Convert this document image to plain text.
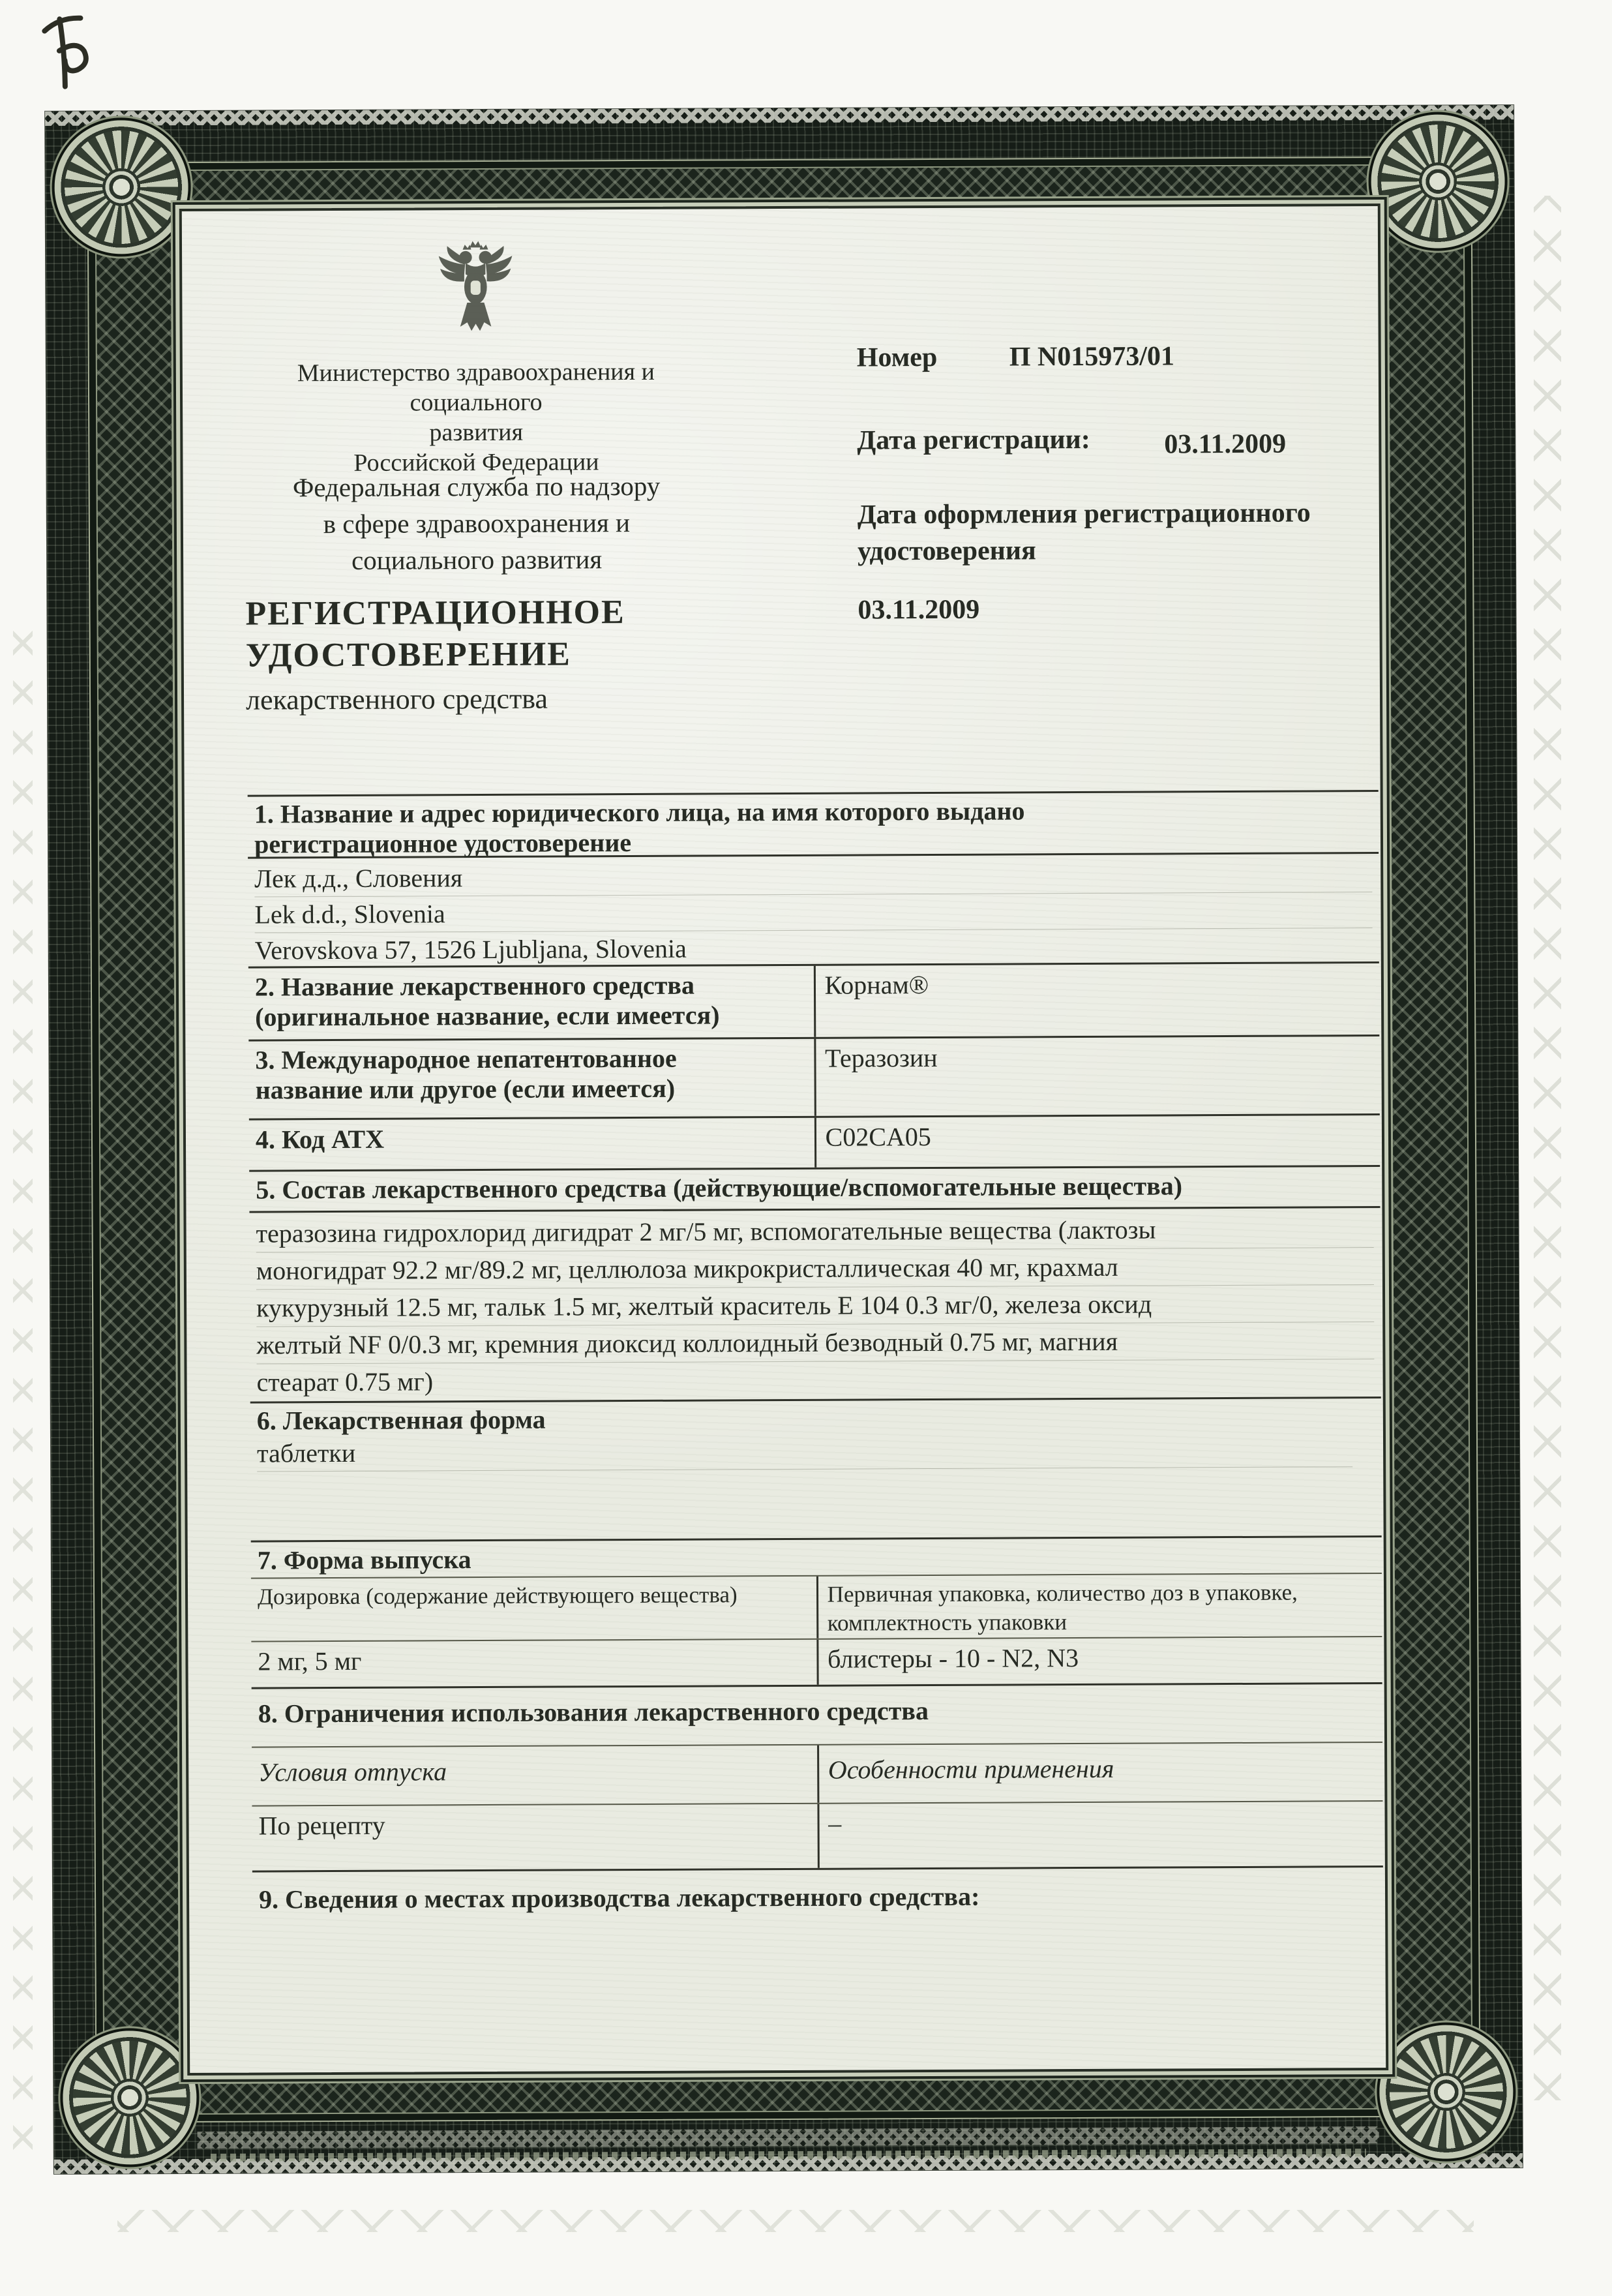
Министерство здравоохранения и социального
развития
Российской Федерации
Федеральная служба по надзору
в сфере здравоохранения и
социального развития
РЕГИСТРАЦИОННОЕ
УДОСТОВЕРЕНИЕ
лекарственного средства
Номер	П N015973/01
Дата регистрации:	03.11.2009
Дата оформления регистрационного
удостоверения
03.11.2009
1. Название и адрес юридического лица, на имя которого выдано
регистрационное удостоверение
Лек д.д., Словения
Lek d.d., Slovenia
Verovskova 57, 1526 Ljubljana, Slovenia
2. Название лекарственного средства
(оригинальное название, если имеется)
Корнам®
3. Международное непатентованное
название или другое (если имеется)
Теразозин
4. Код АТХ	C02CA05
5. Состав лекарственного средства (действующие/вспомогательные вещества)
теразозина гидрохлорид дигидрат 2 мг/5 мг, вспомогательные вещества (лактозы
моногидрат 92.2 мг/89.2 мг, целлюлоза микрокристаллическая 40 мг, крахмал
кукурузный 12.5 мг, тальк 1.5 мг, желтый краситель Е 104 0.3 мг/0, железа оксид
желтый NF 0/0.3 мг, кремния диоксид коллоидный безводный 0.75 мг, магния
стеарат 0.75 мг)
6. Лекарственная форма
таблетки
7. Форма выпуска
Дозировка (содержание действующего вещества)	Первичная упаковка, количество доз в упаковке,
комплектность упаковки
2 мг, 5 мг	блистеры - 10 - N2, N3
8. Ограничения использования лекарственного средства
Условия отпуска	Особенности применения
По рецепту	–
9. Сведения о местах производства лекарственного средства:
